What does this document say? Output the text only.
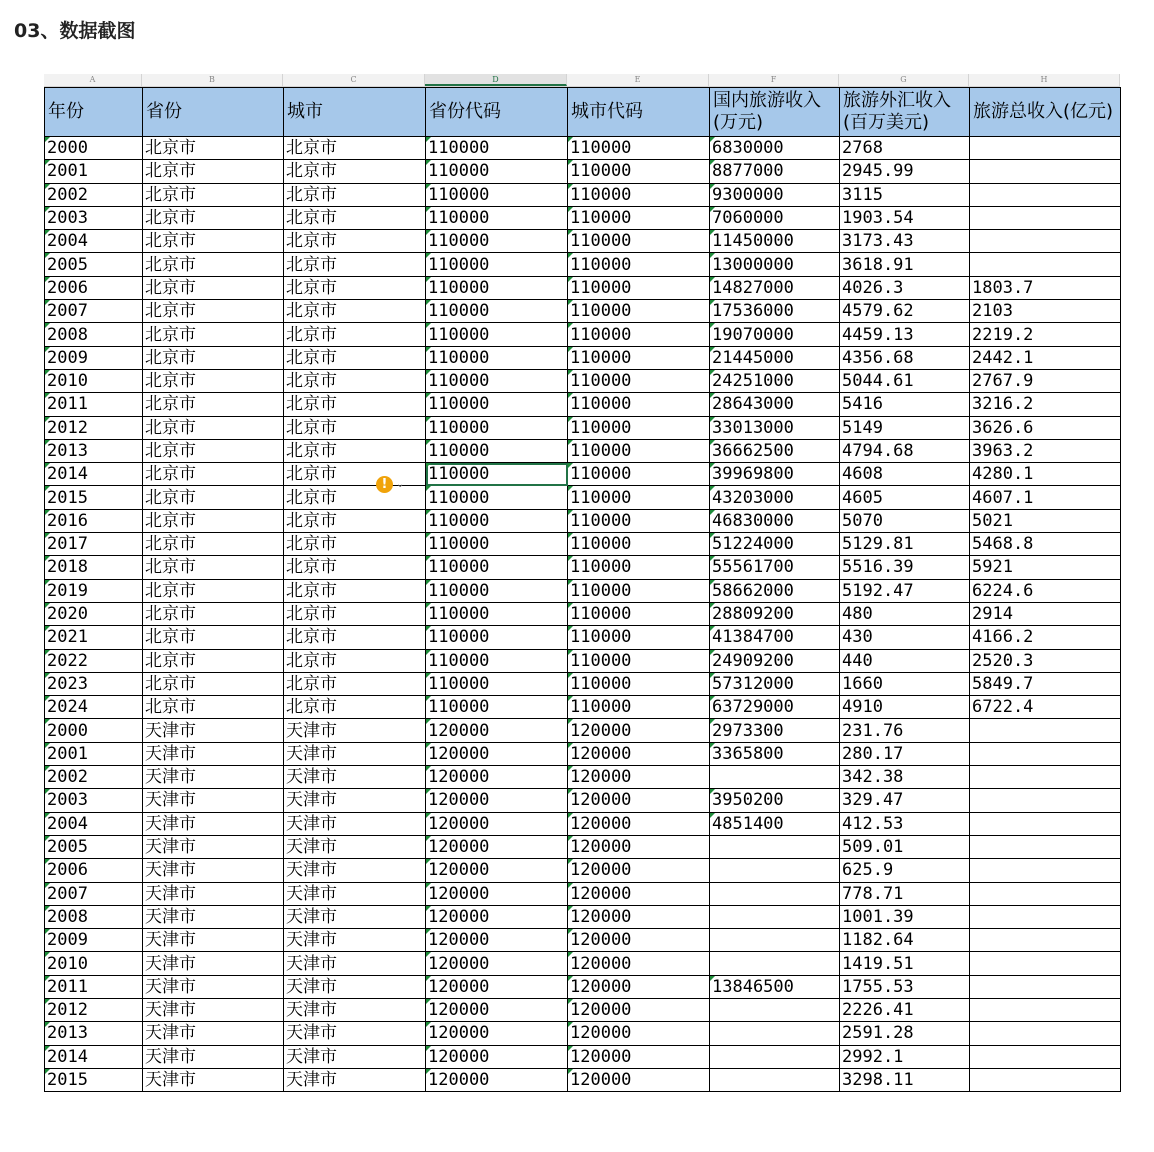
03、数据截图
A	B	C	D	E	F	G	H
年份	省份	城市	省份代码	城市代码	国内旅游收入(万元)	旅游外汇收入(百万美元)	旅游总收入(亿元)
2000	北京市	北京市	110000	110000	6830000	2768	
2001	北京市	北京市	110000	110000	8877000	2945.99	
2002	北京市	北京市	110000	110000	9300000	3115	
2003	北京市	北京市	110000	110000	7060000	1903.54	
2004	北京市	北京市	110000	110000	11450000	3173.43	
2005	北京市	北京市	110000	110000	13000000	3618.91	
2006	北京市	北京市	110000	110000	14827000	4026.3	1803.7
2007	北京市	北京市	110000	110000	17536000	4579.62	2103
2008	北京市	北京市	110000	110000	19070000	4459.13	2219.2
2009	北京市	北京市	110000	110000	21445000	4356.68	2442.1
2010	北京市	北京市	110000	110000	24251000	5044.61	2767.9
2011	北京市	北京市	110000	110000	28643000	5416	3216.2
2012	北京市	北京市	110000	110000	33013000	5149	3626.6
2013	北京市	北京市	110000	110000	36662500	4794.68	3963.2
2014	北京市	北京市	110000	110000	39969800	4608	4280.1
2015	北京市	北京市	110000	110000	43203000	4605	4607.1
2016	北京市	北京市	110000	110000	46830000	5070	5021
2017	北京市	北京市	110000	110000	51224000	5129.81	5468.8
2018	北京市	北京市	110000	110000	55561700	5516.39	5921
2019	北京市	北京市	110000	110000	58662000	5192.47	6224.6
2020	北京市	北京市	110000	110000	28809200	480	2914
2021	北京市	北京市	110000	110000	41384700	430	4166.2
2022	北京市	北京市	110000	110000	24909200	440	2520.3
2023	北京市	北京市	110000	110000	57312000	1660	5849.7
2024	北京市	北京市	110000	110000	63729000	4910	6722.4
2000	天津市	天津市	120000	120000	2973300	231.76	
2001	天津市	天津市	120000	120000	3365800	280.17	
2002	天津市	天津市	120000	120000		342.38	
2003	天津市	天津市	120000	120000	3950200	329.47	
2004	天津市	天津市	120000	120000	4851400	412.53	
2005	天津市	天津市	120000	120000		509.01	
2006	天津市	天津市	120000	120000		625.9	
2007	天津市	天津市	120000	120000		778.71	
2008	天津市	天津市	120000	120000		1001.39	
2009	天津市	天津市	120000	120000		1182.64	
2010	天津市	天津市	120000	120000		1419.51	
2011	天津市	天津市	120000	120000	13846500	1755.53	
2012	天津市	天津市	120000	120000		2226.41	
2013	天津市	天津市	120000	120000		2591.28	
2014	天津市	天津市	120000	120000		2992.1	
2015	天津市	天津市	120000	120000		3298.11	
! ⌄
